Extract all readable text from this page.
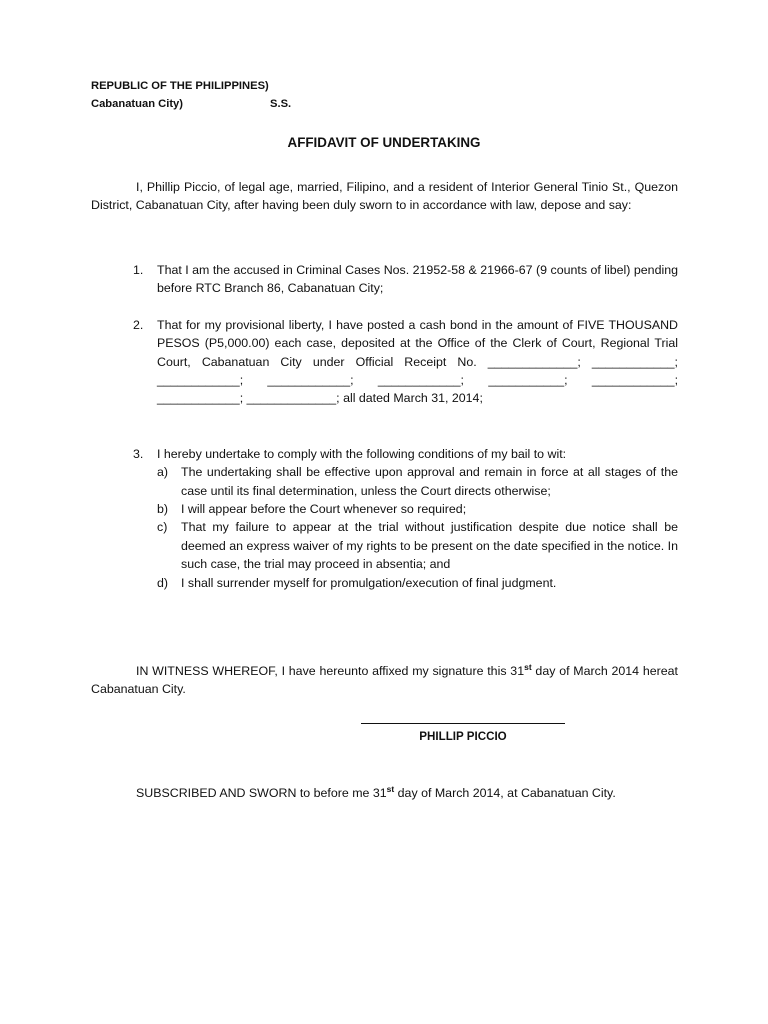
REPUBLIC OF THE PHILIPPINES)
Cabanatuan City)	S.S.
AFFIDAVIT OF UNDERTAKING
I, Phillip Piccio, of legal age, married, Filipino, and a resident of Interior General Tinio St., Quezon District, Cabanatuan City, after having been duly sworn to in accordance with law, depose and say:
1.	That I am the accused in Criminal Cases Nos. 21952-58 & 21966-67 (9 counts of libel) pending before RTC Branch 86, Cabanatuan City;
2.	That for my provisional liberty, I have posted a cash bond in the amount of FIVE THOUSAND PESOS (P5,000.00) each case, deposited at the Office of the Clerk of Court, Regional Trial Court, Cabanatuan City under Official Receipt No. _____________; ____________; ____________; ____________; ____________; ___________; ____________; ____________; _____________; all dated March 31, 2014;
3.	I hereby undertake to comply with the following conditions of my bail to wit:
a)	The undertaking shall be effective upon approval and remain in force at all stages of the case until its final determination, unless the Court directs otherwise;
b)	I will appear before the Court whenever so required;
c)	That my failure to appear at the trial without justification despite due notice shall be deemed an express waiver of my rights to be present on the date specified in the notice. In such case, the trial may proceed in absentia; and
d)	I shall surrender myself for promulgation/execution of final judgment.
IN WITNESS WHEREOF, I have hereunto affixed my signature this 31st day of March 2014 hereat Cabanatuan City.
PHILLIP PICCIO
SUBSCRIBED AND SWORN to before me 31st day of March 2014, at Cabanatuan City.
